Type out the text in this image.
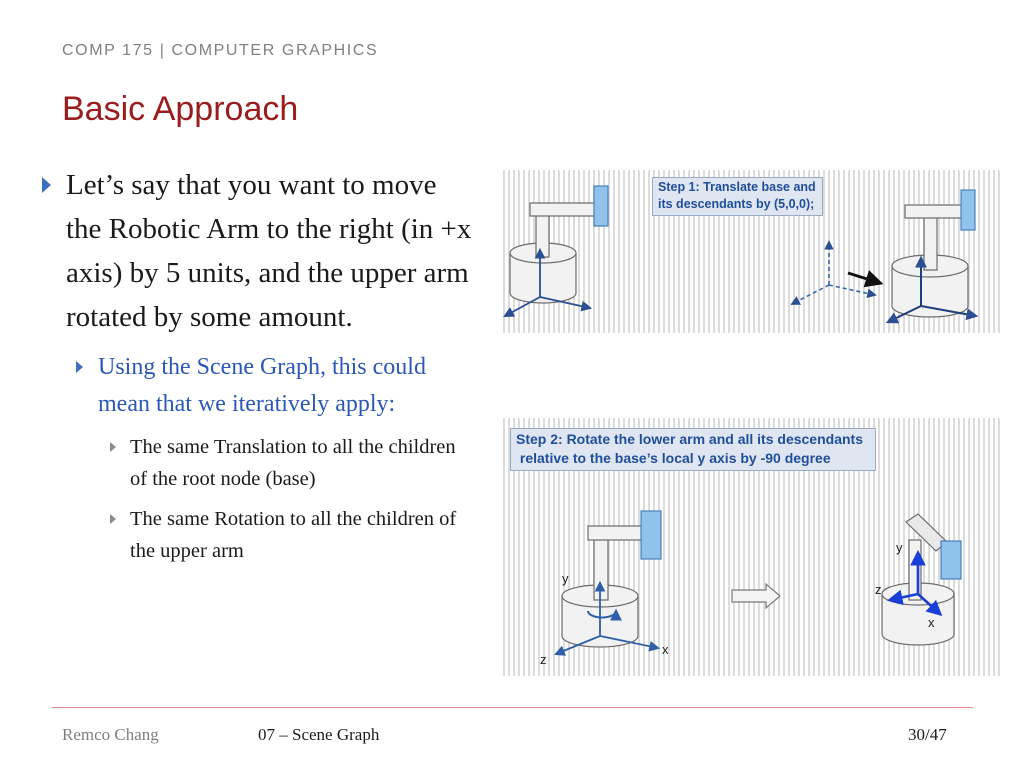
COMP 175 | COMPUTER GRAPHICS
Basic Approach
Let’s say that you want to move the Robotic Arm to the right (in +x axis) by 5 units, and the upper arm rotated by some amount.
Using the Scene Graph, this could mean that we iteratively apply:
The same Translation to all the children of the root node (base)
The same Rotation to all the children of the upper arm
Step 1: Translate base and
its descendants by (5,0,0);
y
x
z
y
x
z
Step 2: Rotate the lower arm and all its descendants
relative to the base’s local y axis by -90 degree
Remco Chang	07 – Scene Graph	30/47
